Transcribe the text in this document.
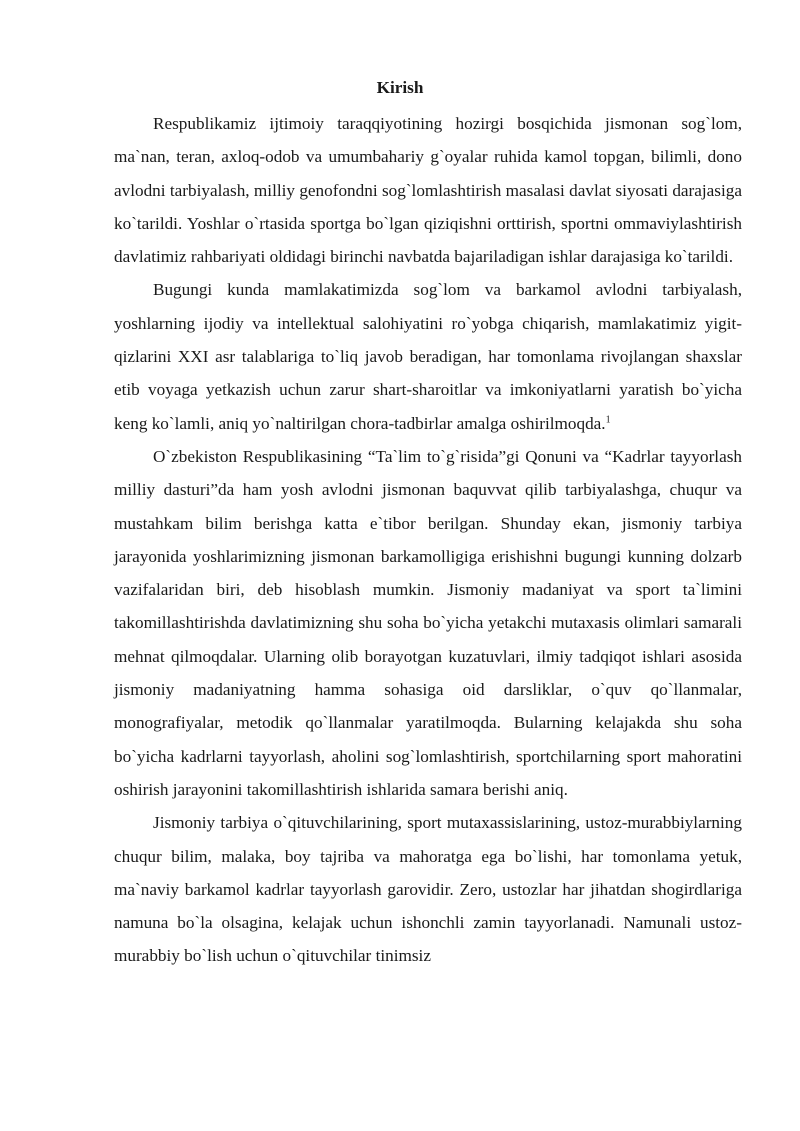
Kirish

Respublikamiz ijtimoiy taraqqiyotining hozirgi bosqichida jismonan sog`lom, ma`nan, teran, axloq-odob va umumbahariy g`oyalar ruhida kamol topgan, bilimli, dono avlodni tarbiyalash, milliy genofondni sog`lomlashtirish masalasi davlat siyosati darajasiga ko`tarildi. Yoshlar o`rtasida sportga bo`lgan qiziqishni orttirish, sportni ommaviylashtirish davlatimiz rahbariyati oldidagi birinchi navbatda bajariladigan ishlar darajasiga ko`tarildi.

Bugungi kunda mamlakatimizda sog`lom va barkamol avlodni tarbiyalash, yoshlarning ijodiy va intellektual salohiyatini ro`yobga chiqarish, mamlakatimiz yigit-qizlarini XXI asr talablariga to`liq javob beradigan, har tomonlama rivojlangan shaxslar etib voyaga yetkazish uchun zarur shart-sharoitlar va imkoniyatlarni yaratish bo`yicha keng ko`lamli, aniq yo`naltirilgan chora-tadbirlar amalga oshirilmoqda.$^1$

O`zbekiston Respublikasining “Ta`lim to`g`risida”gi Qonuni va “Kadrlar tayyorlash milliy dasturi”da ham yosh avlodni jismonan baquvvat qilib tarbiyalashga, chuqur va mustahkam bilim berishga katta e`tibor berilgan. Shunday ekan, jismoniy tarbiya jarayonida yoshlarimizning jismonan barkamolligiga erishishni bugungi kunning dolzarb vazifalaridan biri, deb hisoblash mumkin. Jismoniy madaniyat va sport ta`limini takomillashtirishda davlatimizning shu soha bo`yicha yetakchi mutaxasis olimlari samarali mehnat qilmoqdalar. Ularning olib borayotgan kuzatuvlari, ilmiy tadqiqot ishlari asosida jismoniy madaniyatning hamma sohasiga oid darsliklar, o`quv qo`llanmalar, monografiyalar, metodik qo`llanmalar yaratilmoqda. Bularning kelajakda shu soha bo`yicha kadrlarni tayyorlash, aholini sog`lomlashtirish, sportchilarning sport mahoratini oshirish jarayonini takomillashtirish ishlarida samara berishi aniq.

Jismoniy tarbiya o`qituvchilarining, sport mutaxassislarining, ustoz-murabbiylarning chuqur bilim, malaka, boy tajriba va mahoratga ega bo`lishi, har tomonlama yetuk, ma`naviy barkamol kadrlar tayyorlash garovidir. Zero, ustozlar har jihatdan shogirdlariga namuna bo`la olsagina, kelajak uchun ishonchli zamin tayyorlanadi. Namunali ustoz-murabbiy bo`lish uchun o`qituvchilar tinimsiz
